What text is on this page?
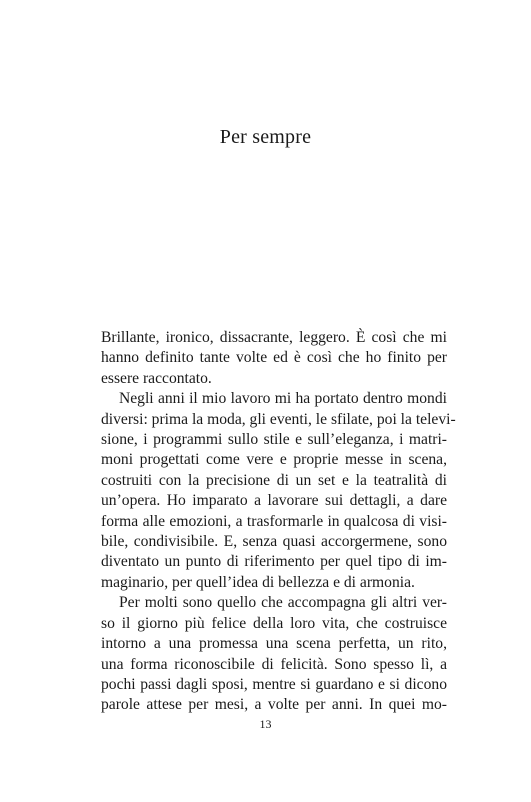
Per sempre
Brillante, ironico, dissacrante, leggero. È così che mi
hanno definito tante volte ed è così che ho finito per
essere raccontato.
Negli anni il mio lavoro mi ha portato dentro mondi
diversi: prima la moda, gli eventi, le sfilate, poi la televi-
sione, i programmi sullo stile e sull’eleganza, i matri-
moni progettati come vere e proprie messe in scena,
costruiti con la precisione di un set e la teatralità di
un’opera. Ho imparato a lavorare sui dettagli, a dare
forma alle emozioni, a trasformarle in qualcosa di visi-
bile, condivisibile. E, senza quasi accorgermene, sono
diventato un punto di riferimento per quel tipo di im-
maginario, per quell’idea di bellezza e di armonia.
Per molti sono quello che accompagna gli altri ver-
so il giorno più felice della loro vita, che costruisce
intorno a una promessa una scena perfetta, un rito,
una forma riconoscibile di felicità. Sono spesso lì, a
pochi passi dagli sposi, mentre si guardano e si dicono
parole attese per mesi, a volte per anni. In quei mo-
13
